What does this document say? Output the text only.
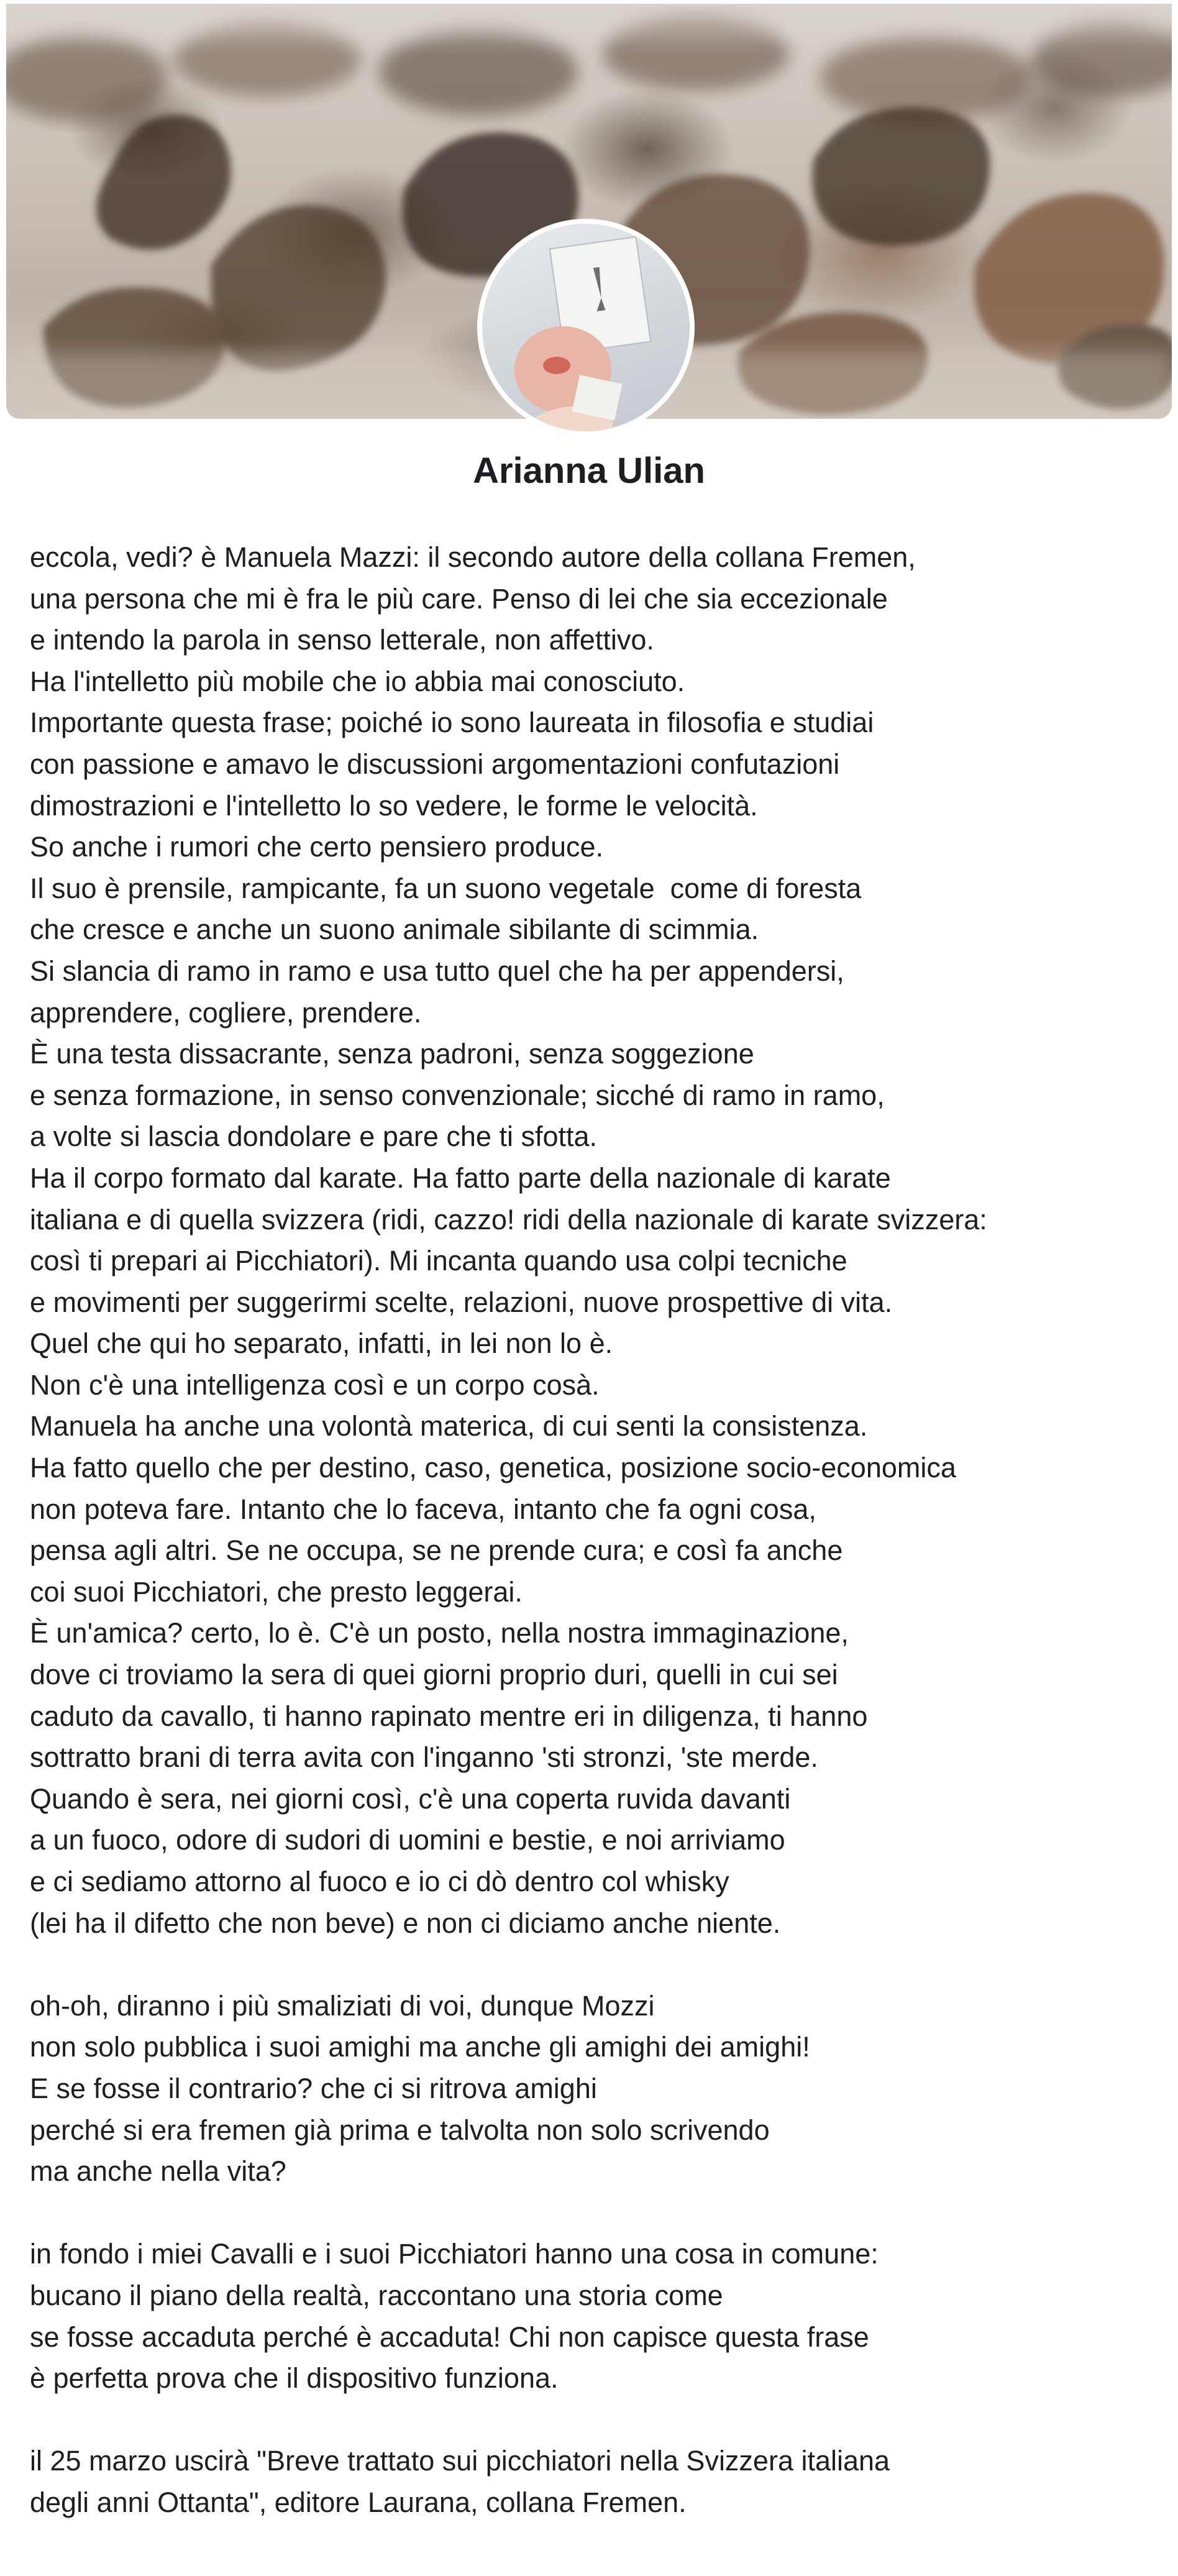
Arianna Ulian
eccola, vedi? è Manuela Mazzi: il secondo autore della collana Fremen,
una persona che mi è fra le più care. Penso di lei che sia eccezionale
e intendo la parola in senso letterale, non affettivo.
Ha l'intelletto più mobile che io abbia mai conosciuto.
Importante questa frase; poiché io sono laureata in filosofia e studiai
con passione e amavo le discussioni argomentazioni confutazioni
dimostrazioni e l'intelletto lo so vedere, le forme le velocità.
So anche i rumori che certo pensiero produce.
Il suo è prensile, rampicante, fa un suono vegetale  come di foresta
che cresce e anche un suono animale sibilante di scimmia.
Si slancia di ramo in ramo e usa tutto quel che ha per appendersi,
apprendere, cogliere, prendere.
È una testa dissacrante, senza padroni, senza soggezione
e senza formazione, in senso convenzionale; sicché di ramo in ramo,
a volte si lascia dondolare e pare che ti sfotta.
Ha il corpo formato dal karate. Ha fatto parte della nazionale di karate
italiana e di quella svizzera (ridi, cazzo! ridi della nazionale di karate svizzera:
così ti prepari ai Picchiatori). Mi incanta quando usa colpi tecniche
e movimenti per suggerirmi scelte, relazioni, nuove prospettive di vita.
Quel che qui ho separato, infatti, in lei non lo è.
Non c'è una intelligenza così e un corpo cosà.
Manuela ha anche una volontà materica, di cui senti la consistenza.
Ha fatto quello che per destino, caso, genetica, posizione socio-economica
non poteva fare. Intanto che lo faceva, intanto che fa ogni cosa,
pensa agli altri. Se ne occupa, se ne prende cura; e così fa anche
coi suoi Picchiatori, che presto leggerai.
È un'amica? certo, lo è. C'è un posto, nella nostra immaginazione,
dove ci troviamo la sera di quei giorni proprio duri, quelli in cui sei
caduto da cavallo, ti hanno rapinato mentre eri in diligenza, ti hanno
sottratto brani di terra avita con l'inganno 'sti stronzi, 'ste merde.
Quando è sera, nei giorni così, c'è una coperta ruvida davanti
a un fuoco, odore di sudori di uomini e bestie, e noi arriviamo
e ci sediamo attorno al fuoco e io ci dò dentro col whisky
(lei ha il difetto che non beve) e non ci diciamo anche niente.
oh-oh, diranno i più smaliziati di voi, dunque Mozzi
non solo pubblica i suoi amighi ma anche gli amighi dei amighi!
E se fosse il contrario? che ci si ritrova amighi
perché si era fremen già prima e talvolta non solo scrivendo
ma anche nella vita?
in fondo i miei Cavalli e i suoi Picchiatori hanno una cosa in comune:
bucano il piano della realtà, raccontano una storia come
se fosse accaduta perché è accaduta! Chi non capisce questa frase
è perfetta prova che il dispositivo funziona.
il 25 marzo uscirà "Breve trattato sui picchiatori nella Svizzera italiana
degli anni Ottanta", editore Laurana, collana Fremen.
